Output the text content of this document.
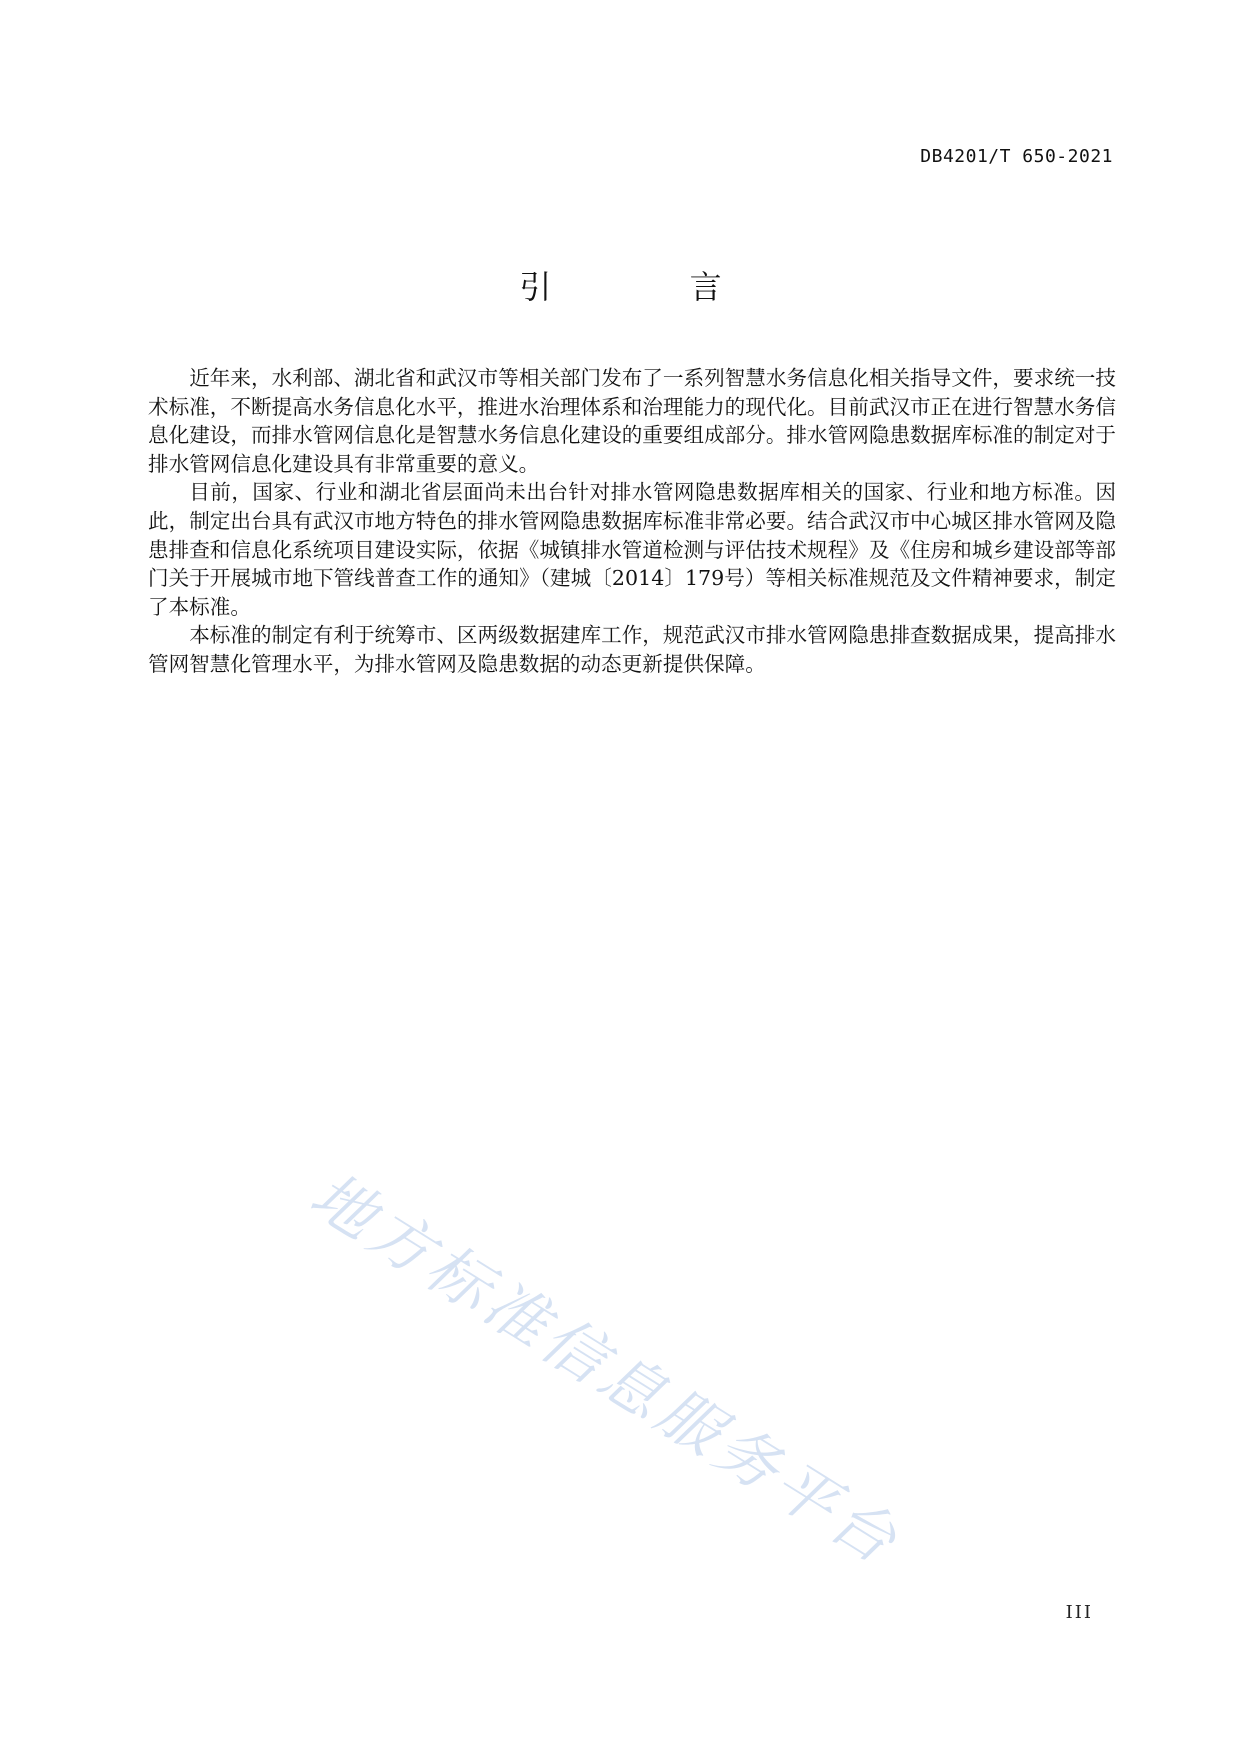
DB4201/T 650-2021
引 言

近年来，水利部、湖北省和武汉市等相关部门发布了一系列智慧水务信息化相关指导文件，要求统一技术标准，不断提高水务信息化水平，推进水治理体系和治理能力的现代化。目前武汉市正在进行智慧水务信息化建设，而排水管网信息化是智慧水务信息化建设的重要组成部分。排水管网隐患数据库标准的制定对于排水管网信息化建设具有非常重要的意义。

目前，国家、行业和湖北省层面尚未出台针对排水管网隐患数据库相关的国家、行业和地方标准。因此，制定出台具有武汉市地方特色的排水管网隐患数据库标准非常必要。结合武汉市中心城区排水管网及隐患排查和信息化系统项目建设实际，依据《城镇排水管道检测与评估技术规程》及《住房和城乡建设部等部门关于开展城市地下管线普查工作的通知》（建城〔2014〕179号）等相关标准规范及文件精神要求，制定了本标准。

本标准的制定有利于统筹市、区两级数据建库工作，规范武汉市排水管网隐患排查数据成果，提高排水管网智慧化管理水平，为排水管网及隐患数据的动态更新提供保障。

地方标准信息服务平台
III
